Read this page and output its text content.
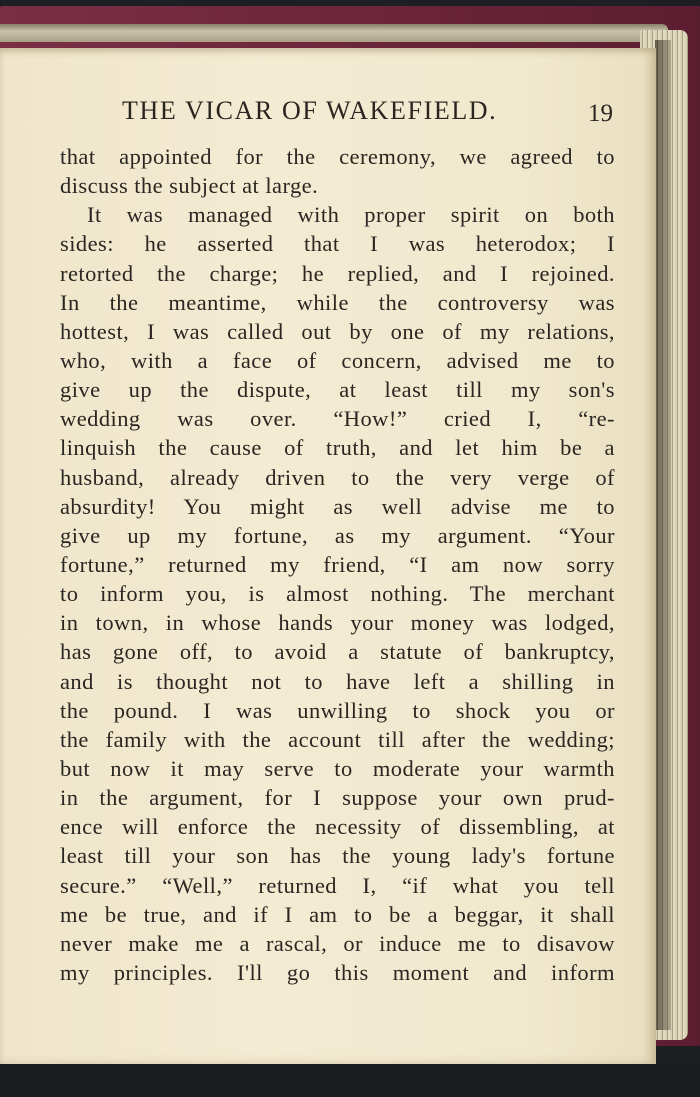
THE VICAR OF WAKEFIELD.	19
that appointed for the ceremony, we agreed to
discuss the subject at large.
It was managed with proper spirit on both
sides: he asserted that I was heterodox; I
retorted the charge; he replied, and I rejoined.
In the meantime, while the controversy was
hottest, I was called out by one of my relations,
who, with a face of concern, advised me to
give up the dispute, at least till my son's
wedding was over. “How!” cried I, “re-
linquish the cause of truth, and let him be a
husband, already driven to the very verge of
absurdity! You might as well advise me to
give up my fortune, as my argument. “Your
fortune,” returned my friend, “I am now sorry
to inform you, is almost nothing. The merchant
in town, in whose hands your money was lodged,
has gone off, to avoid a statute of bankruptcy,
and is thought not to have left a shilling in
the pound. I was unwilling to shock you or
the family with the account till after the wedding;
but now it may serve to moderate your warmth
in the argument, for I suppose your own prud-
ence will enforce the necessity of dissembling, at
least till your son has the young lady's fortune
secure.” “Well,” returned I, “if what you tell
me be true, and if I am to be a beggar, it shall
never make me a rascal, or induce me to disavow
my principles. I'll go this moment and inform
